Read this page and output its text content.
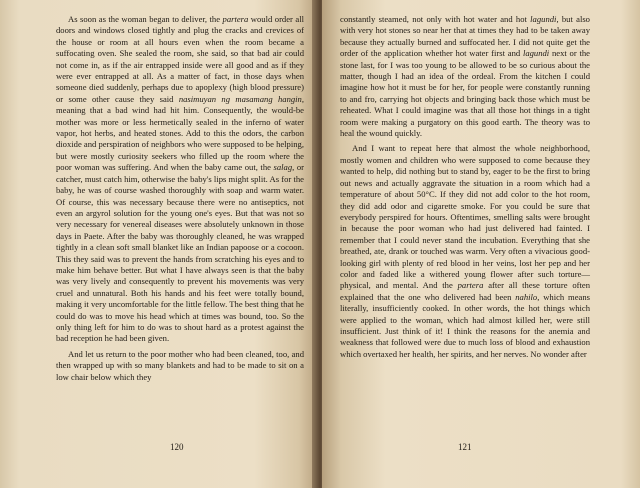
As soon as the woman began to deliver, the partera would order all doors and windows closed tightly and plug the cracks and crevices of the house or room at all hours even when the room became a suffocating oven. She sealed the room, she said, so that bad air could not come in, as if the air entrapped inside were all good and as if they were ever entrapped at all. As a matter of fact, in those days when someone died suddenly, perhaps due to apoplexy (high blood pressure) or some other cause they said nasimuyan ng masamang hangin, meaning that a bad wind had hit him. Consequently, the would-be mother was more or less hermetically sealed in the inferno of water vapor, hot herbs, and heated stones. Add to this the odors, the carbon dioxide and perspiration of neighbors who were supposed to be helping, but were mostly curiosity seekers who filled up the room where the poor woman was suffering. And when the baby came out, the salag, or catcher, must catch him, otherwise the baby's lips might split. As for the baby, he was of course washed thoroughly with soap and warm water. Of course, this was necessary because there were no antiseptics, not even an argyrol solution for the young one's eyes. But that was not so very necessary for venereal diseases were absolutely unknown in those days in Paete. After the baby was thoroughly cleaned, he was wrapped tightly in a clean soft small blanket like an Indian papoose or a cocoon. This they said was to prevent the hands from scratching his eyes and to make him behave better. But what I have always seen is that the baby was very lively and consequently to prevent his movements was very cruel and unnatural. Both his hands and his feet were totally bound, making it very uncomfortable for the little fellow. The best thing that he could do was to move his head which at times was bound, too. So the only thing left for him to do was to shout hard as a protest against the bad reception he had been given.

And let us return to the poor mother who had been cleaned, too, and then wrapped up with so many blankets and had to be made to sit on a low chair below which they

120

constantly steamed, not only with hot water and hot lagundi, but also with very hot stones so near her that at times they had to be taken away because they actually burned and suffocated her. I did not quite get the order of the application whether hot water first and lagundi next or the stone last, for I was too young to be allowed to be so curious about the matter, though I had an idea of the ordeal. From the kitchen I could imagine how hot it must be for her, for people were constantly running to and fro, carrying hot objects and bringing back those which must be reheated. What I could imagine was that all those hot things in a tight room were making a purgatory on this good earth. The theory was to heal the wound quickly.

And I want to repeat here that almost the whole neighborhood, mostly women and children who were supposed to come because they wanted to help, did nothing but to stand by, eager to be the first to bring out news and actually aggravate the situation in a room which had a temperature of about 50°C. If they did not add color to the hot room, they did add odor and cigarette smoke. For you could be sure that everybody perspired for hours. Oftentimes, smelling salts were brought in because the poor woman who had just delivered had fainted. I remember that I could never stand the incubation. Everything that she breathed, ate, drank or touched was warm. Very often a vivacious good-looking girl with plenty of red blood in her veins, lost her pep and her color and faded like a withered young flower after such torture—physical, and mental. And the partera after all these torture often explained that the one who delivered had been nahilo, which means literally, insufficiently cooked. In other words, the hot things which were applied to the woman, which had almost killed her, were still insufficient. Just think of it! I think the reasons for the anemia and weakness that followed were due to much loss of blood and exhaustion which overtaxed her health, her spirits, and her nerves. No wonder after

121
